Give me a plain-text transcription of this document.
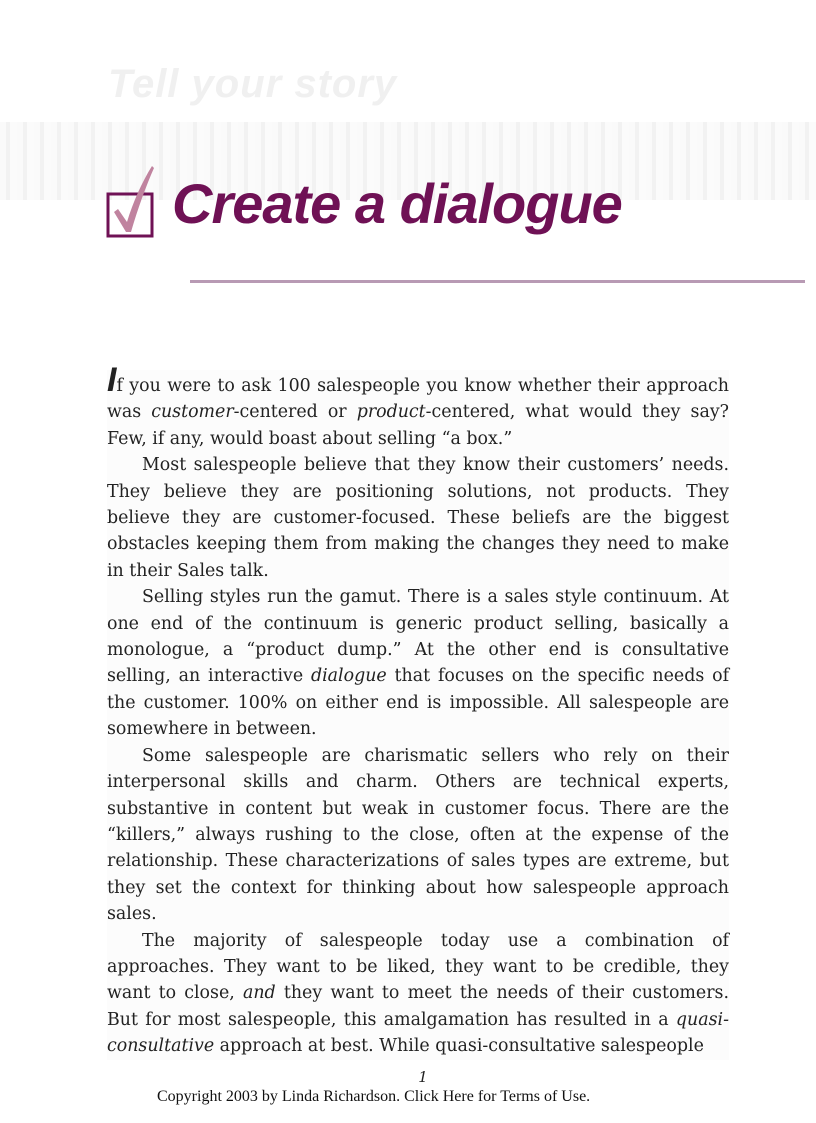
Tell your story
Create a dialogue

If you were to ask 100 salespeople you know whether their approach was customer-centered or product-centered, what would they say? Few, if any, would boast about selling “a box.”

Most salespeople believe that they know their customers’ needs. They believe they are positioning solutions, not products. They believe they are customer-focused. These beliefs are the biggest obstacles keeping them from making the changes they need to make in their Sales talk.

Selling styles run the gamut. There is a sales style continuum. At one end of the continuum is generic product selling, basically a monologue, a “product dump.” At the other end is consultative selling, an interactive dialogue that focuses on the specific needs of the customer. 100% on either end is impossible. All salespeople are somewhere in between.

Some salespeople are charismatic sellers who rely on their interpersonal skills and charm. Others are technical experts, substantive in content but weak in customer focus. There are the “killers,” always rushing to the close, often at the expense of the relationship. These characterizations of sales types are extreme, but they set the context for thinking about how salespeople approach sales.

The majority of salespeople today use a combination of approaches. They want to be liked, they want to be credible, they want to close, and they want to meet the needs of their customers. But for most salespeople, this amalgamation has resulted in a quasi-consultative approach at best. While quasi-consultative salespeople

1
Copyright 2003 by Linda Richardson. Click Here for Terms of Use.
